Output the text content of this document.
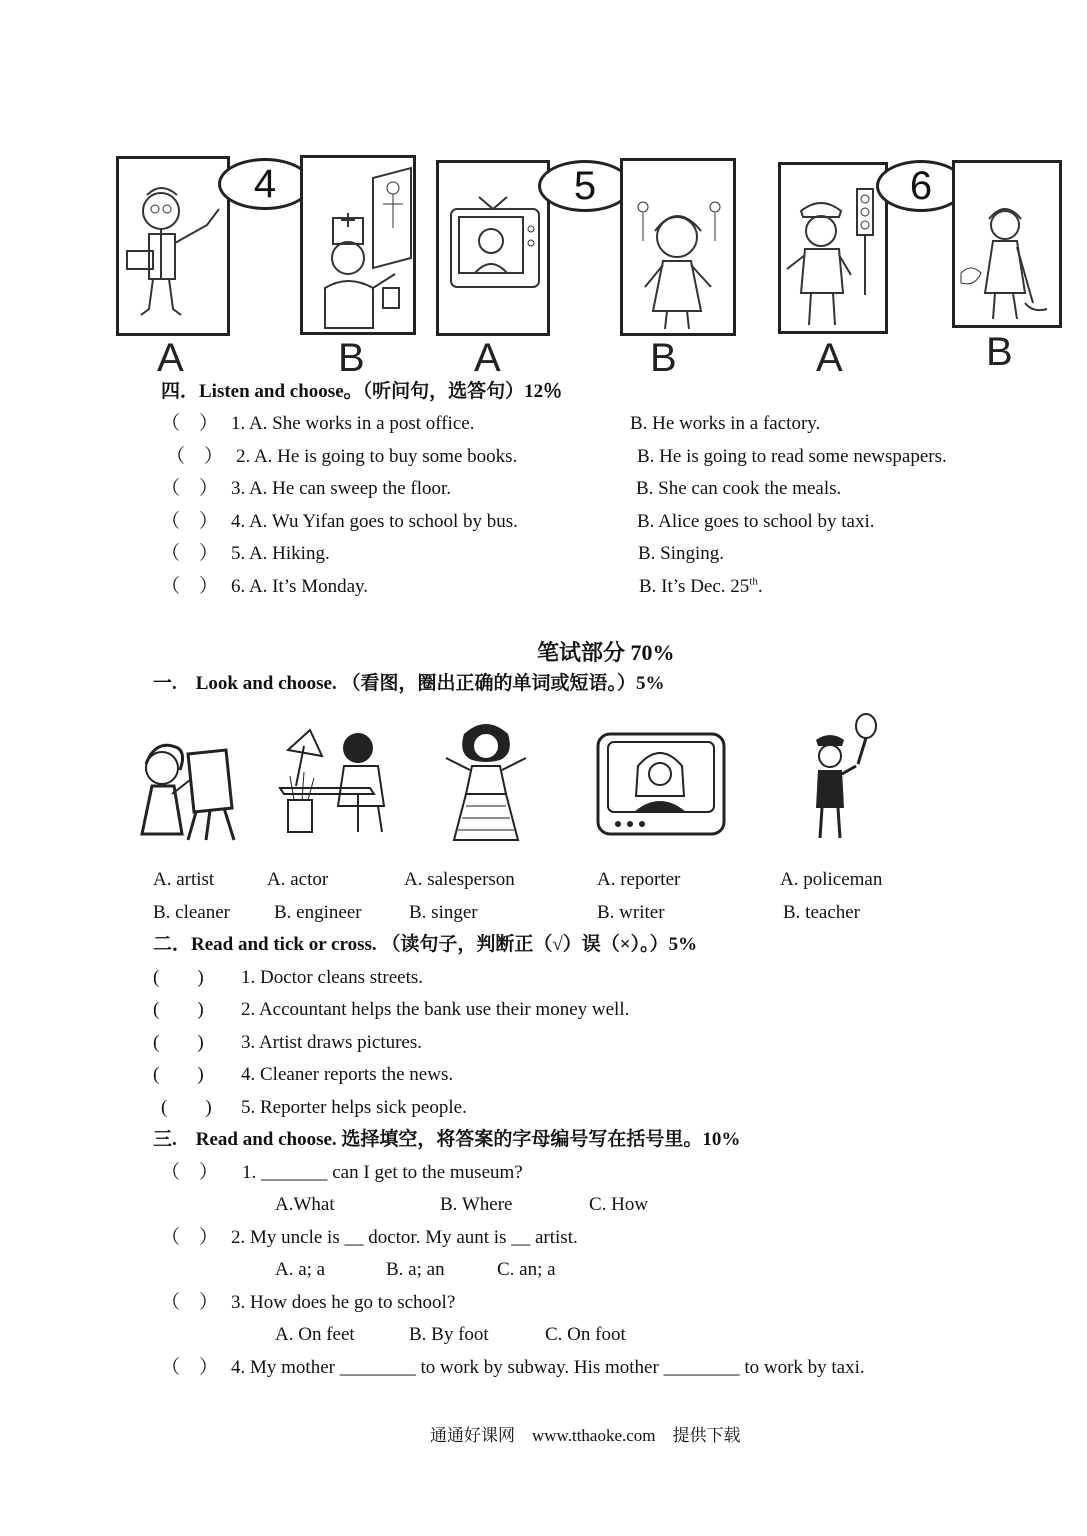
4
A	B
5
A	B
6
A	B
四．Listen and choose。（听问句，选答句）12％
（　） 1. A. She works in a post office.	B. He works in a factory.
（　） 2. A. He is going to buy some books.	B. He is going to read some newspapers.
（　） 3. A. He can sweep the floor.	B. She can cook the meals.
（　） 4. A. Wu Yifan goes to school by bus.	B. Alice goes to school by taxi.
（　） 5. A. Hiking.	B. Singing.
（　） 6. A. It’s Monday.	B. It’s Dec. 25th.
笔试部分 70%
一.　Look and choose. （看图，圈出正确的单词或短语。）5%
A. artist	A. actor	A. salesperson	A. reporter	A. policeman
B. cleaner B. engineer B. singer	B. writer	B. teacher
二．Read and tick or cross. （读句子，判断正（√）误（×）。）5%
(　　) 1. Doctor cleans streets.
(　　) 2. Accountant helps the bank use their money well.
(　　) 3. Artist draws pictures.
(　　) 4. Cleaner reports the news.
(　　) 5. Reporter helps sick people.
三.　Read and choose. 选择填空，将答案的字母编号写在括号里。10%
（　） 1. _______ can I get to the museum?
A.What	B. Where	C. How
（　） 2. My uncle is __ doctor. My aunt is __ artist.
A. a; a	B. a; an	C. an; a
（　） 3. How does he go to school?
A. On feet	B. By foot	C. On foot
（　） 4. My mother ________ to work by subway. His mother ________ to work by taxi.
通通好课网　www.tthaoke.com　提供下载
